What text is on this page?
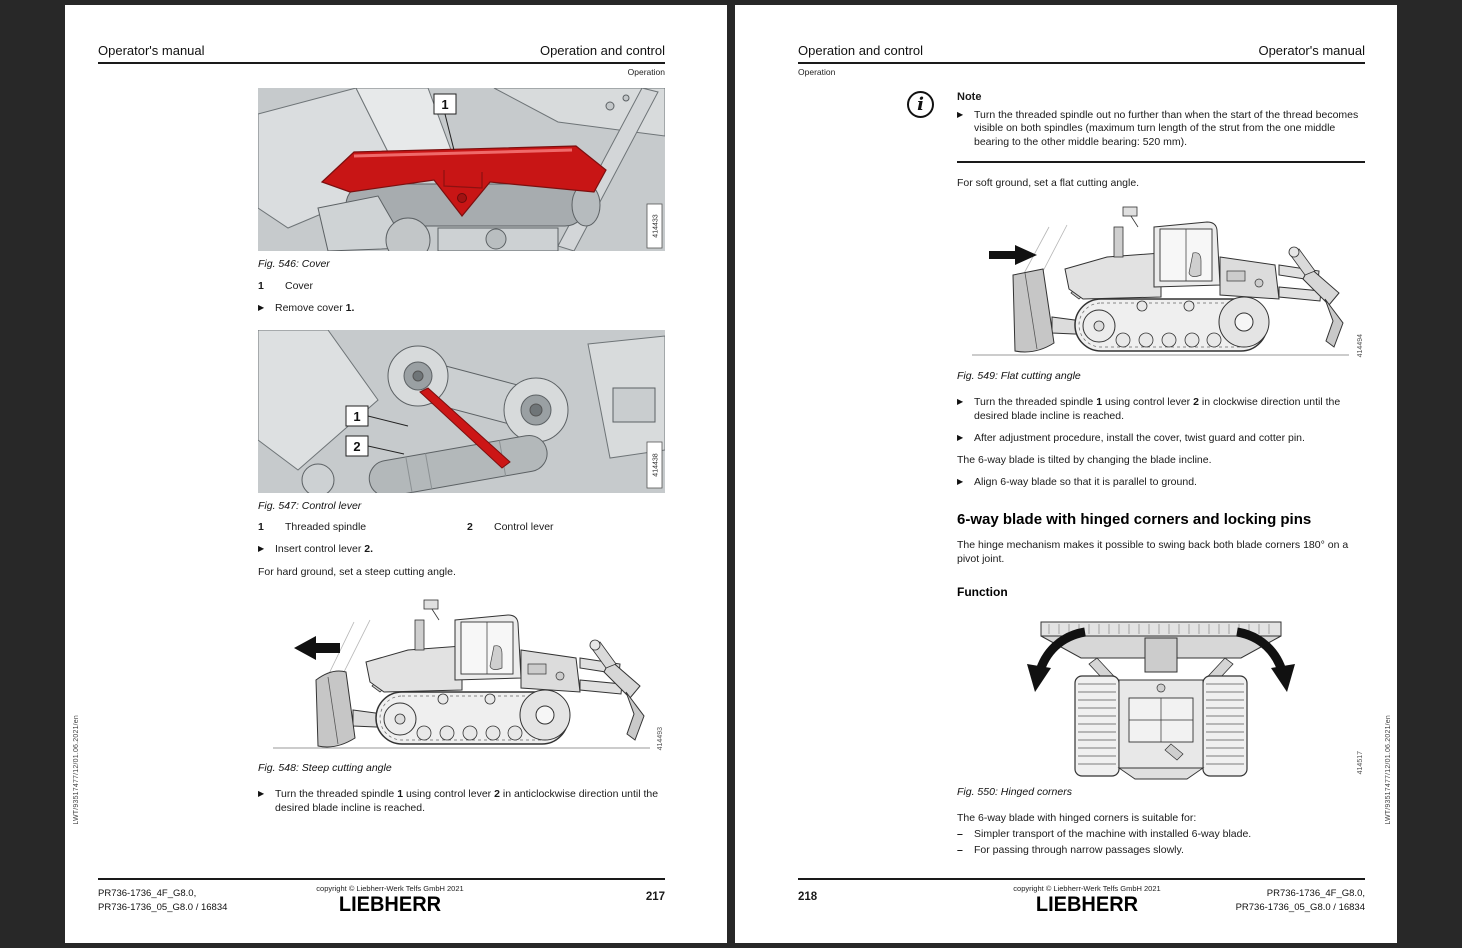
Operator's manual	Operation and control
Operation
1
414433
Fig. 546: Cover
1	Cover
▶	Remove cover 1.
1
2
414438
Fig. 547: Control lever
1	Threaded spindle	2	Control lever
▶	Insert control lever 2.
For hard ground, set a steep cutting angle.
414493
Fig. 548: Steep cutting angle
▶	Turn the threaded spindle 1 using control lever 2 in anticlockwise direction until the desired blade incline is reached.
PR736-1736_4F_G8.0,
PR736-1736_05_G8.0 / 16834
copyright © Liebherr-Werk Telfs GmbH 2021
LIEBHERR	217
LWT/93517477/12/01.06.2021/en
Operation and control	Operator's manual
Operation
i	Note
▶	Turn the threaded spindle out no further than when the start of the thread becomes visible on both spindles (maximum turn length of the strut from the one middle bearing to the other middle bearing: 520 mm).
For soft ground, set a flat cutting angle.
414494
Fig. 549: Flat cutting angle
▶	Turn the threaded spindle 1 using control lever 2 in clockwise direction until the desired blade incline is reached.
▶	After adjustment procedure, install the cover, twist guard and cotter pin.
The 6-way blade is tilted by changing the blade incline.
▶	Align 6-way blade so that it is parallel to ground.
6-way blade with hinged corners and locking pins
The hinge mechanism makes it possible to swing back both blade corners 180° on a pivot joint.
Function
414517
Fig. 550: Hinged corners
The 6-way blade with hinged corners is suitable for:
–	Simpler transport of the machine with installed 6-way blade.
–	For passing through narrow passages slowly.
218
copyright © Liebherr-Werk Telfs GmbH 2021
LIEBHERR	PR736-1736_4F_G8.0,
PR736-1736_05_G8.0 / 16834
LWT/93517477/12/01.06.2021/en
